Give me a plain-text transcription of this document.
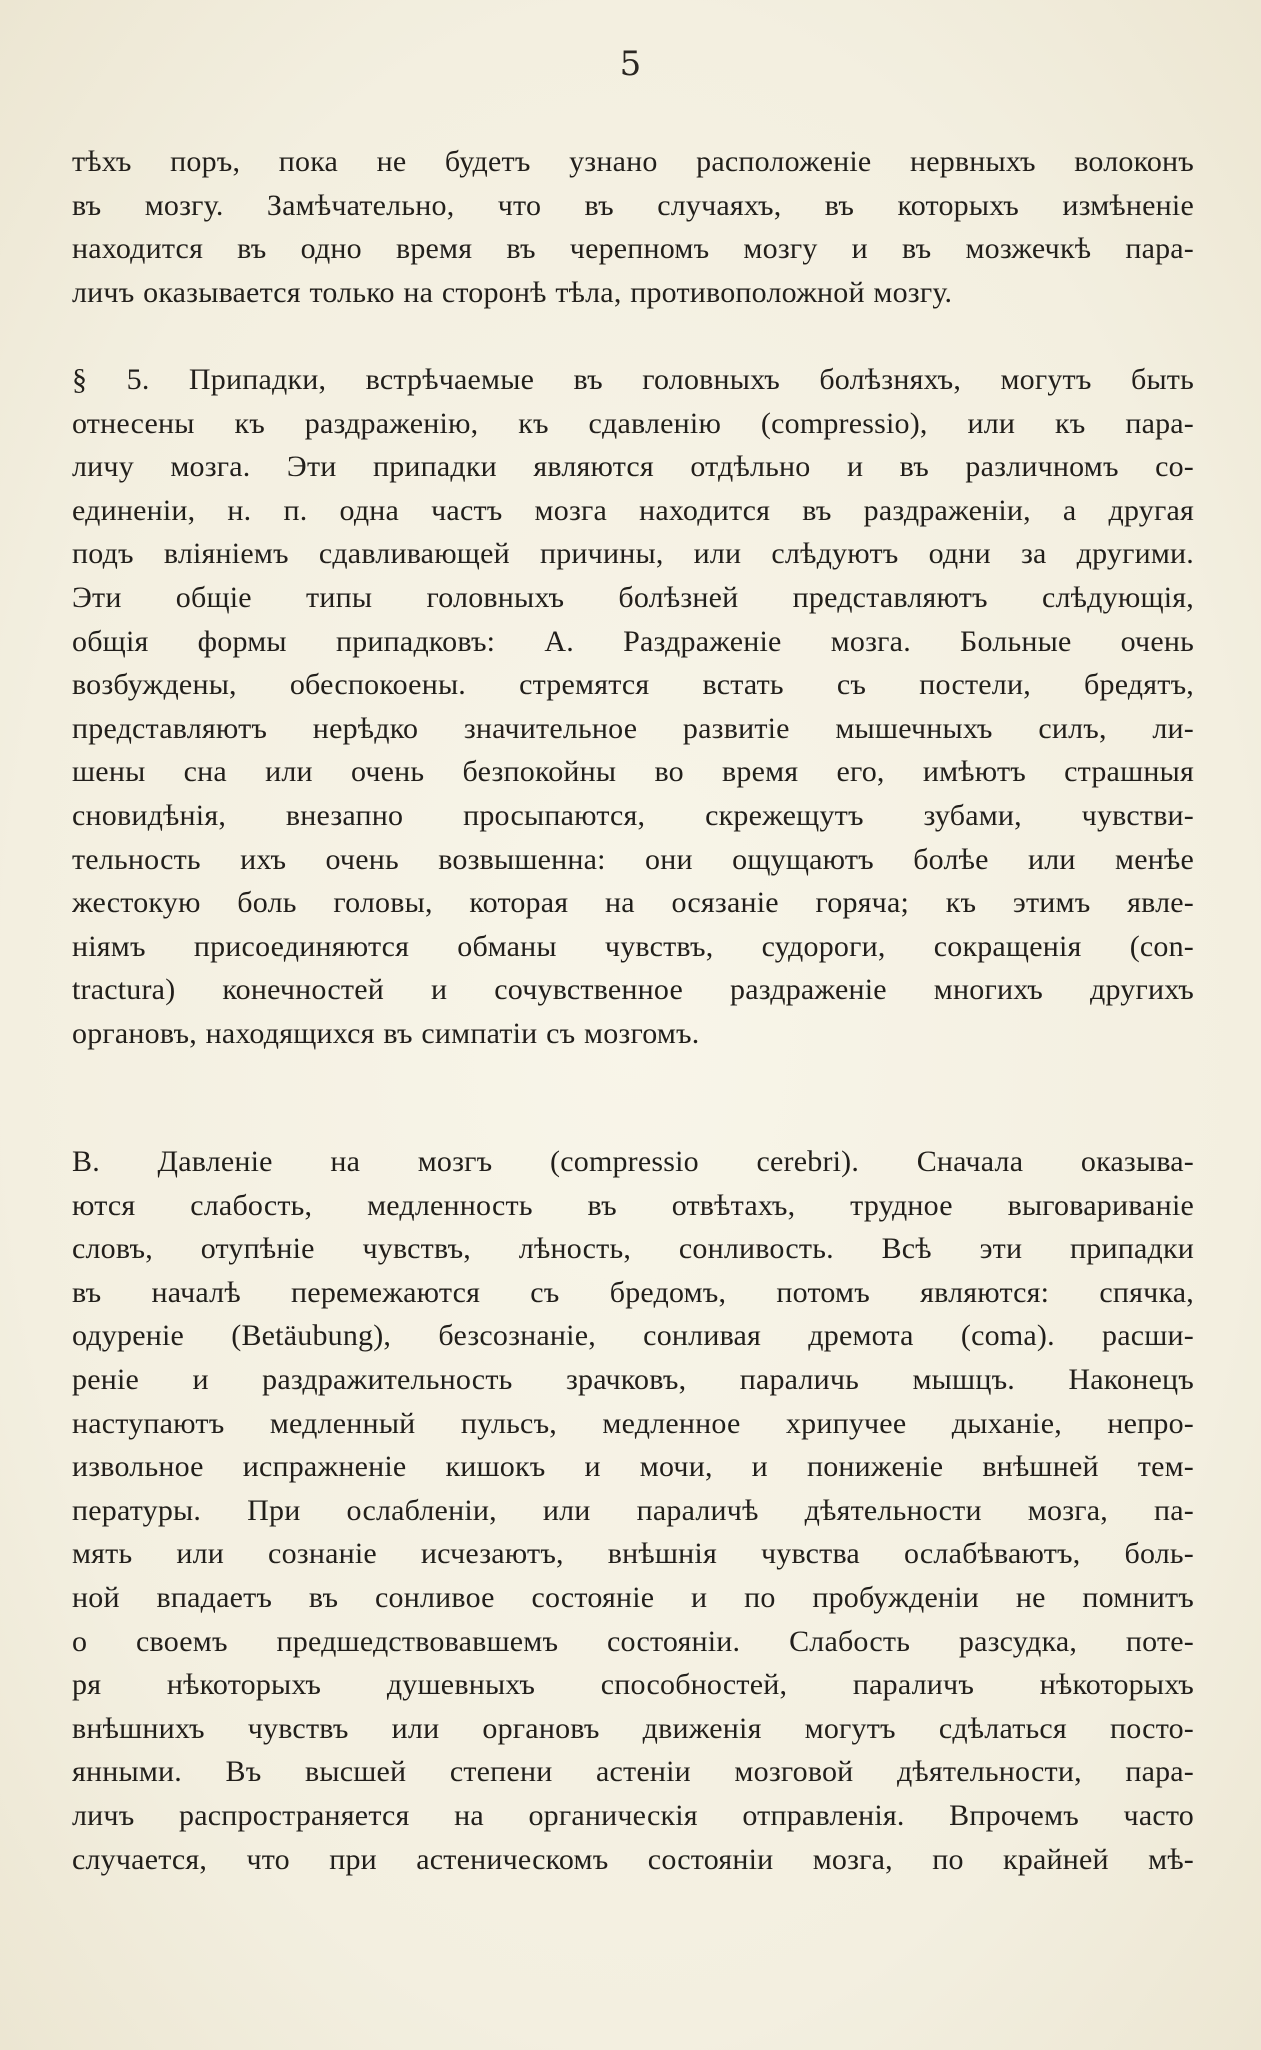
5
тѣхъ поръ, пока не будетъ узнано расположеніе нервныхъ волоконъ
въ мозгу. Замѣчательно, что въ случаяхъ, въ которыхъ измѣненіе
находится въ одно время въ черепномъ мозгу и въ мозжечкѣ пара-
личъ оказывается только на сторонѣ тѣла, противоположной мозгу.
§ 5. Припадки, встрѣчаемые въ головныхъ болѣзняхъ, могутъ быть
отнесены къ раздраженію, къ сдавленію (compressio), или къ пара-
личу мозга. Эти припадки являются отдѣльно и въ различномъ со-
единеніи, н. п. одна частъ мозга находится въ раздраженіи, а другая
подъ вліяніемъ сдавливающей причины, или слѣдуютъ одни за другими.
Эти общіе типы головныхъ болѣзней представляютъ слѣдующія,
общія формы припадковъ: А. Раздраженіе мозга. Больные очень
возбуждены, обеспокоены. стремятся встать съ постели, бредятъ,
представляютъ нерѣдко значительное развитіе мышечныхъ силъ, ли-
шены сна или очень безпокойны во время его, имѣютъ страшныя
сновидѣнія, внезапно просыпаются, скрежещутъ зубами, чувстви-
тельность ихъ очень возвышенна: они ощущаютъ болѣе или менѣе
жестокую боль головы, которая на осязаніе горяча; къ этимъ явле-
ніямъ присоединяются обманы чувствъ, судороги, сокращенія (con-
tractura) конечностей и сочувственное раздраженіе многихъ другихъ
органовъ, находящихся въ симпатіи съ мозгомъ.
B. Давленіе на мозгъ (compressio cerebri). Сначала оказыва-
ются слабость, медленность въ отвѣтахъ, трудное выговариваніе
словъ, отупѣніе чувствъ, лѣность, сонливость. Всѣ эти припадки
въ началѣ перемежаются съ бредомъ, потомъ являются: спячка,
одуреніе (Betäubung), безсознаніе, сонливая дремота (coma). расши-
реніе и раздражительность зрачковъ, параличь мышцъ. Наконецъ
наступаютъ медленный пульсъ, медленное хрипучее дыханіе, непро-
извольное испражненіе кишокъ и мочи, и пониженіе внѣшней тем-
пературы. При ослабленіи, или параличѣ дѣятельности мозга, па-
мять или сознаніе исчезаютъ, внѣшнія чувства ослабѣваютъ, боль-
ной впадаетъ въ сонливое состояніе и по пробужденіи не помнитъ
о своемъ предшедствовавшемъ состояніи. Слабость разсудка, поте-
ря нѣкоторыхъ душевныхъ способностей, параличъ нѣкоторыхъ
внѣшнихъ чувствъ или органовъ движенія могутъ сдѣлаться посто-
янными. Въ высшей степени астеніи мозговой дѣятельности, пара-
личъ распространяется на органическія отправленія. Впрочемъ часто
случается, что при астеническомъ состояніи мозга, по крайней мѣ-
